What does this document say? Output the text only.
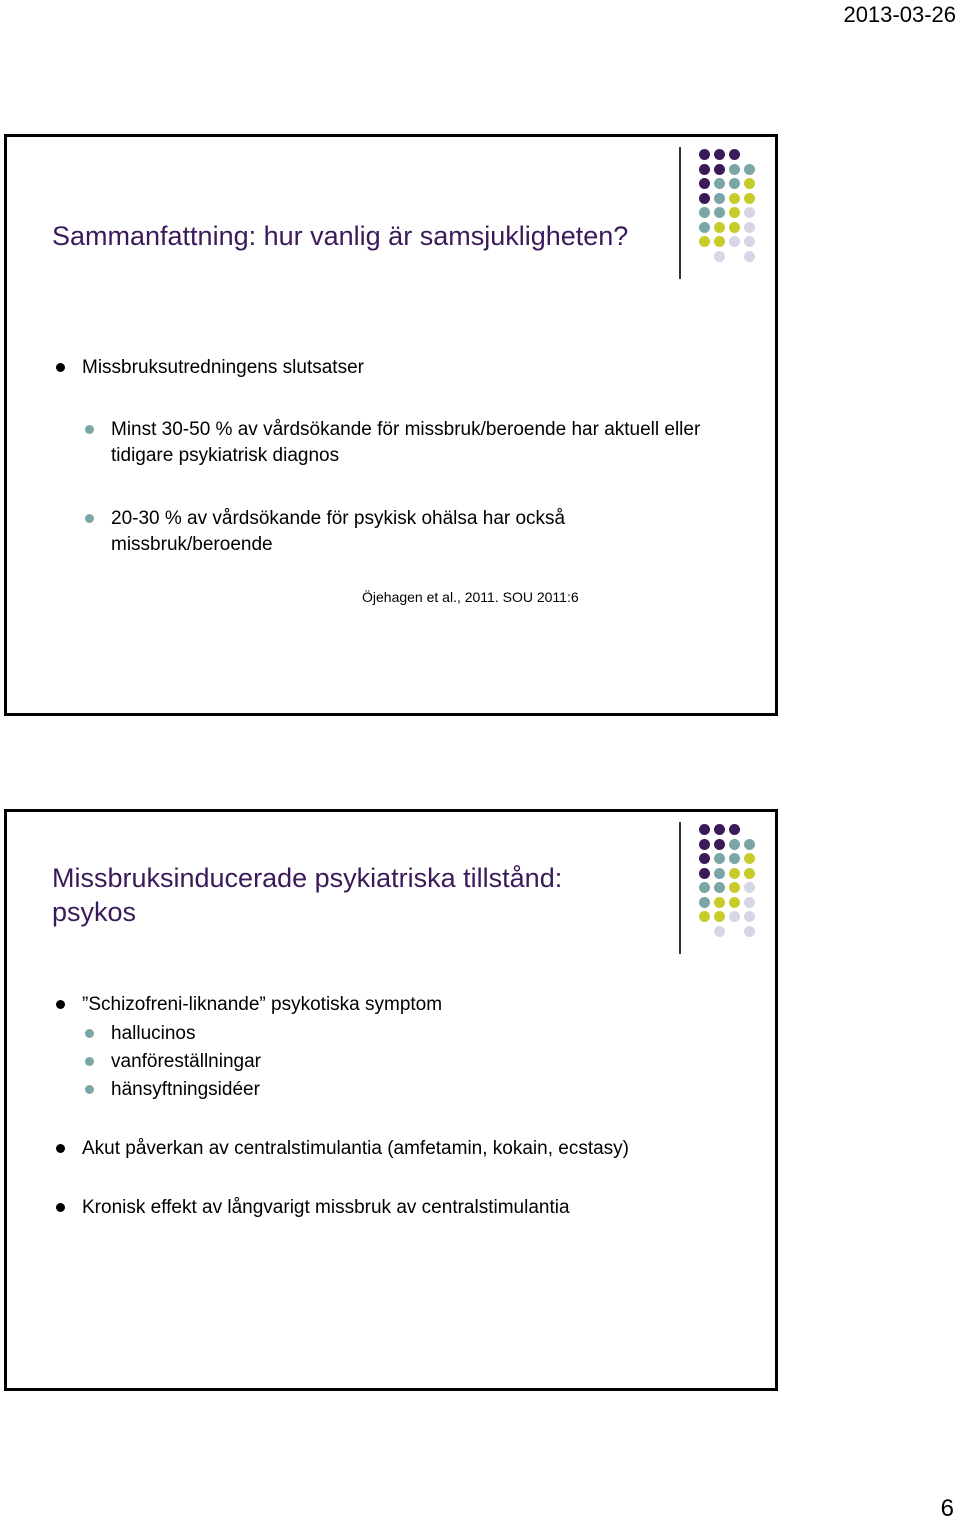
2013-03-26
Sammanfattning: hur vanlig är samsjukligheten?
Missbruksutredningens slutsatser
Minst 30-50 % av vårdsökande för missbruk/beroende har aktuell eller tidigare psykiatrisk diagnos
20-30 % av vårdsökande för psykisk ohälsa har också missbruk/beroende
Öjehagen et al., 2011. SOU 2011:6
Missbruksinducerade psykiatriska tillstånd: psykos
”Schizofreni-liknande” psykotiska symptom
hallucinos
vanföreställningar
hänsyftningsidéer
Akut påverkan av centralstimulantia (amfetamin, kokain, ecstasy)
Kronisk effekt av långvarigt missbruk av centralstimulantia
6
